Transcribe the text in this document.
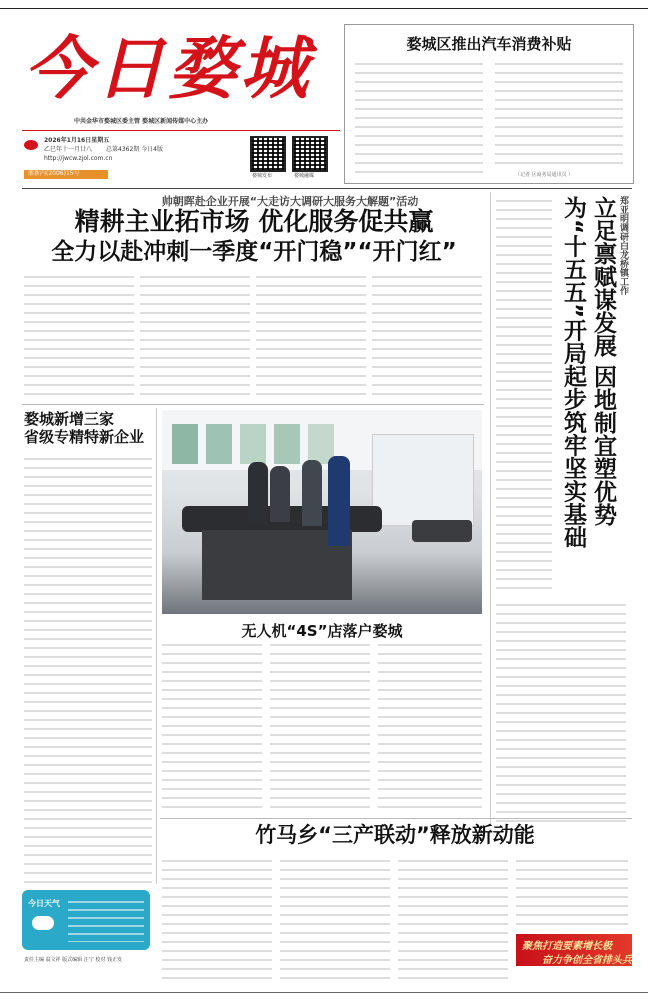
今日婺城
中共金华市婺城区委主管 婺城区新闻传媒中心主办
2026年1月16日星期五
乙巳年十一月廿八 总第4362期 今日4版
http://jwcw.zjol.com.cn
浙新内(2006)15号	婺城发布	婺城融媒
婺城区推出汽车消费补贴
（记者 区商务局通讯员 ）
帅朝晖赴企业开展“大走访大调研大服务大解题”活动
精耕主业拓市场 优化服务促共赢
全力以赴冲刺一季度“开门稳”“开门红”	郑亚明调研白龙桥镇工作
立足禀赋谋发展 因地制宜塑优势
为“十五五”开局起步筑牢坚实基础
婺城新增三家
省级专精特新企业
无人机“4S”店落户婺城
竹马乡“三产联动”释放新动能
聚焦打造要素增长极
奋力争创全省排头兵
今日天气
责任主编 翁文祥 版式编辑 汪宁 校对 钱正发
